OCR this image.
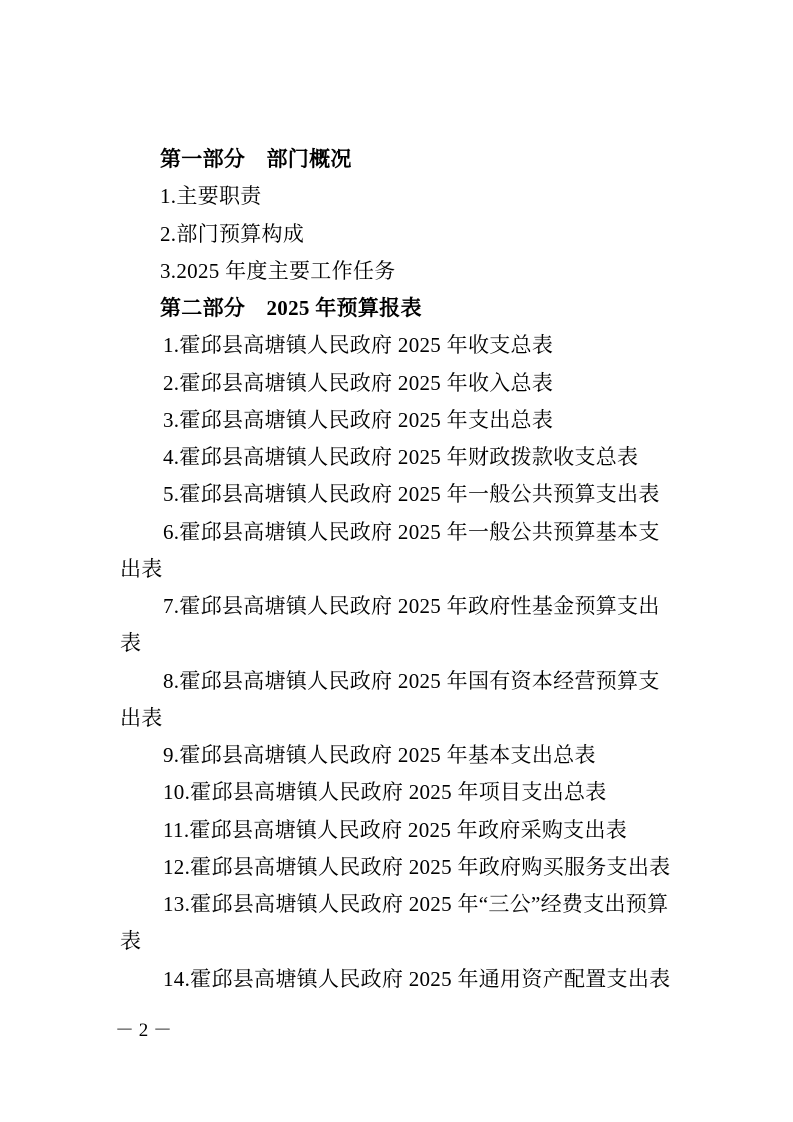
第一部分　部门概况
1.主要职责
2.部门预算构成
3.2025 年度主要工作任务
第二部分　2025 年预算报表
1.霍邱县高塘镇人民政府 2025 年收支总表
2.霍邱县高塘镇人民政府 2025 年收入总表
3.霍邱县高塘镇人民政府 2025 年支出总表
4.霍邱县高塘镇人民政府 2025 年财政拨款收支总表
5.霍邱县高塘镇人民政府 2025 年一般公共预算支出表
6.霍邱县高塘镇人民政府 2025 年一般公共预算基本支
出表
7.霍邱县高塘镇人民政府 2025 年政府性基金预算支出
表
8.霍邱县高塘镇人民政府 2025 年国有资本经营预算支
出表
9.霍邱县高塘镇人民政府 2025 年基本支出总表
10.霍邱县高塘镇人民政府 2025 年项目支出总表
11.霍邱县高塘镇人民政府 2025 年政府采购支出表
12.霍邱县高塘镇人民政府 2025 年政府购买服务支出表
13.霍邱县高塘镇人民政府 2025 年“三公”经费支出预算
表
14.霍邱县高塘镇人民政府 2025 年通用资产配置支出表
－ 2 －
